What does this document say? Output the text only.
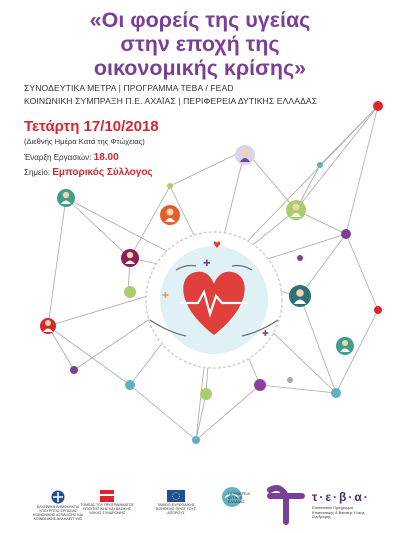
✚
✚
✚
♥
«Οι φορείς της υγείας
στην εποχή της
οικονομικής κρίσης»
ΣΥΝΟΔΕΥΤΙΚΑ ΜΕΤΡΑ | ΠΡΟΓΡΑΜΜΑ ΤΕΒΑ / FEAD
ΚΟΙΝΩΝΙΚΗ ΣΥΜΠΡΑΞΗ Π.Ε. ΑΧΑΪΑΣ | ΠΕΡΙΦΕΡΕΙΑ ΔΥΤΙΚΗΣ ΕΛΛΑΔΑΣ
Τετάρτη 17/10/2018
(Διεθνής Ημέρα Κατά της Φτώχειας)
Έναρξη Εργασιών: 18.00
Σημείο: Εμπορικός Σύλλογος
ΕΛΛΗΝΙΚΗ ΔΗΜΟΚΡΑΤΙΑ ΥΠΟΥΡΓΕΙΟ ΕΡΓΑΣΙΑΣ ΚΟΙΝΩΝΙΚΗΣ ΑΣΦΑΛΙΣΗΣ ΚΑΙ ΚΟΙΝΩΝΙΚΗΣ ΑΛΛΗΛΕΓΓΥΗΣ
ΤΟΜΕΑΣ ΤΟΥ ΠΡΟΓΡΑΜΜΑΤΟΣ ΕΠΙΣΙΤΙΣΤΙΚΗΣ ΚΑΙ ΒΑΣΙΚΗΣ ΥΛΙΚΗΣ ΣΥΝΔΡΟΜΗΣ
ΤΑΜΕΙΟ ΕΥΡΩΠΑΪΚΗΣ ΒΟΗΘΕΙΑΣ ΠΡΟΣ ΤΟΥΣ ΑΠΟΡΟΥΣ
ΠΕΡΙΦΕΡΕΙΑ ΔΥΤΙΚΗΣ ΕΛΛΑΔΑΣ	τ·ε·β·α·
Επισιτιστικό Πρόγραμμα Επισιτιστικής & Βασικής Υλικής Συνδρομής
